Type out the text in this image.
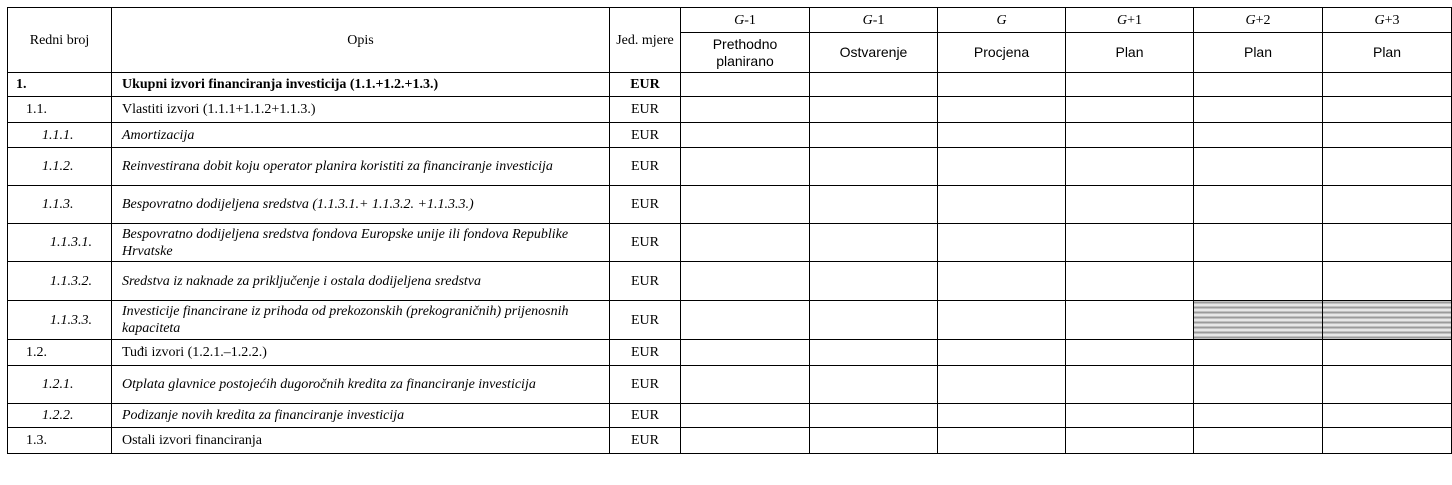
Redni broj	Opis	Jed. mjere	G-1	G-1	G	G+1	G+2	G+3
			Prethodno planirano	Ostvarenje	Procjena	Plan	Plan	Plan
1.	Ukupni izvori financiranja investicija (1.1.+1.2.+1.3.)	EUR						
1.1.	Vlastiti izvori (1.1.1+1.1.2+1.1.3.)	EUR						
1.1.1.	Amortizacija	EUR						
1.1.2.	Reinvestirana dobit koju operator planira koristiti za financiranje investicija	EUR						
1.1.3.	Bespovratno dodijeljena sredstva (1.1.3.1.+ 1.1.3.2. +1.1.3.3.)	EUR						
1.1.3.1.	Bespovratno dodijeljena sredstva fondova Europske unije ili fondova Republike Hrvatske	EUR						
1.1.3.2.	Sredstva iz naknade za priključenje i ostala dodijeljena sredstva	EUR						
1.1.3.3.	Investicije financirane iz prihoda od prekozonskih (prekograničnih) prijenosnih kapaciteta	EUR						
1.2.	Tuđi izvori (1.2.1.–1.2.2.)	EUR						
1.2.1.	Otplata glavnice postojećih dugoročnih kredita za financiranje investicija	EUR						
1.2.2.	Podizanje novih kredita za financiranje investicija	EUR						
1.3.	Ostali izvori financiranja	EUR						
